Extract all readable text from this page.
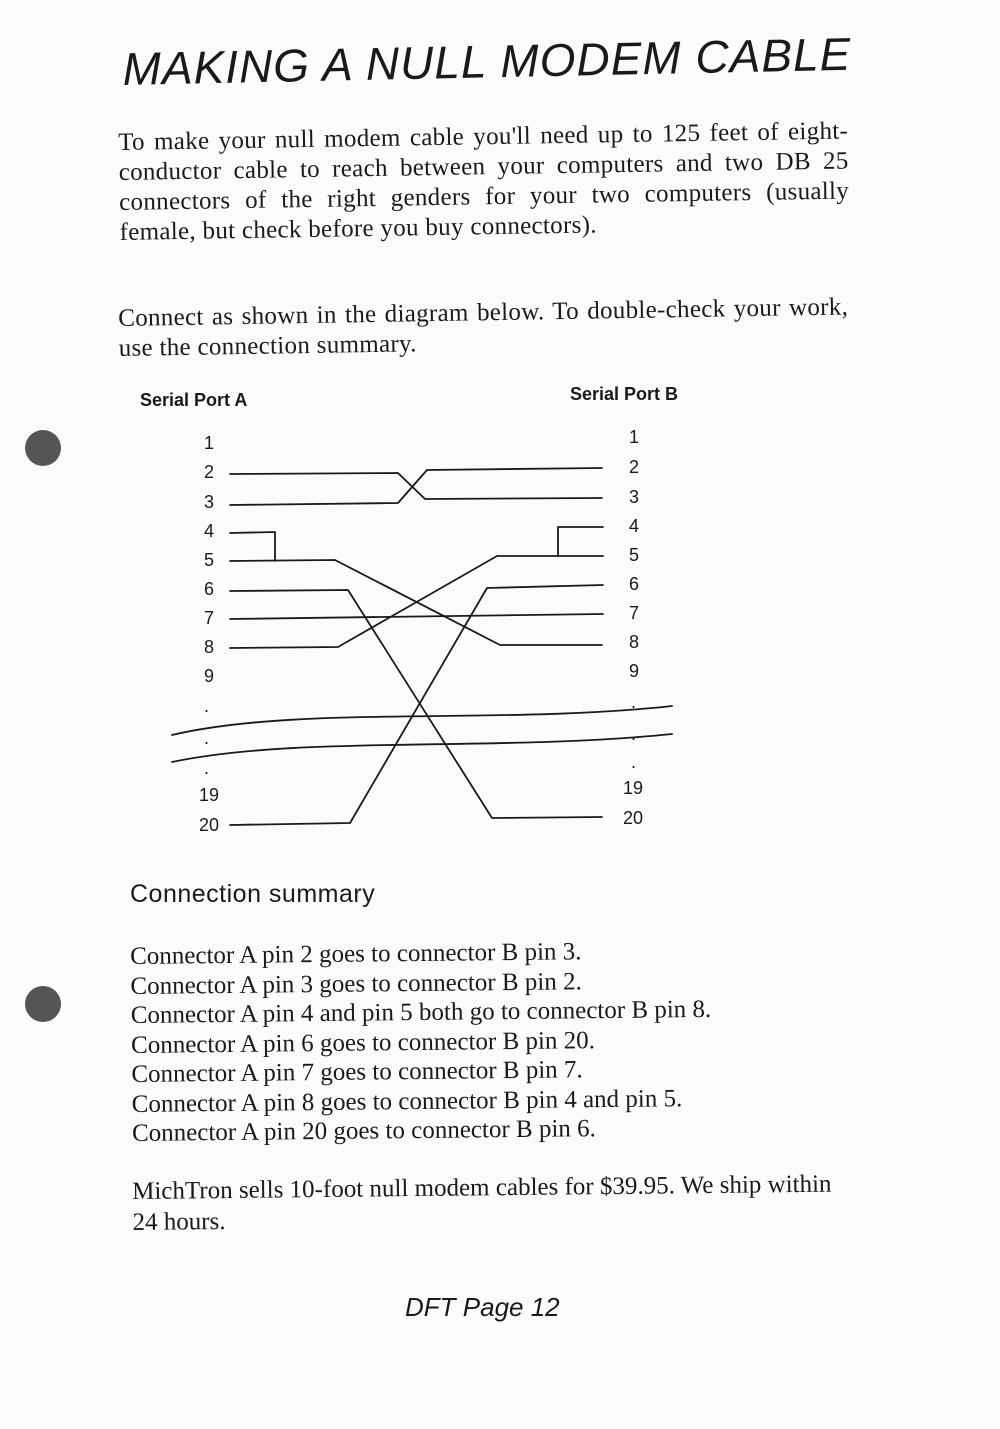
MAKING A NULL MODEM CABLE

To make your null modem cable you'll need up to 125 feet of eight-conductor cable to reach between your computers and two DB 25 connectors of the right genders for your two computers (usually female, but check before you buy connectors).

Connect as shown in the diagram below. To double-check your work, use the connection summary.

Serial Port A	Serial Port B
1
2
3
4
5
6
7
8
9
.
.
.
19
20
1
2
3
4
5
6
7
8
9
.
.
.
19
20
Connection summary
Connector A pin 2 goes to connector B pin 3.
Connector A pin 3 goes to connector B pin 2.
Connector A pin 4 and pin 5 both go to connector B pin 8.
Connector A pin 6 goes to connector B pin 20.
Connector A pin 7 goes to connector B pin 7.
Connector A pin 8 goes to connector B pin 4 and pin 5.
Connector A pin 20 goes to connector B pin 6.

MichTron sells 10-foot null modem cables for $39.95. We ship within 24 hours.

DFT Page 12
